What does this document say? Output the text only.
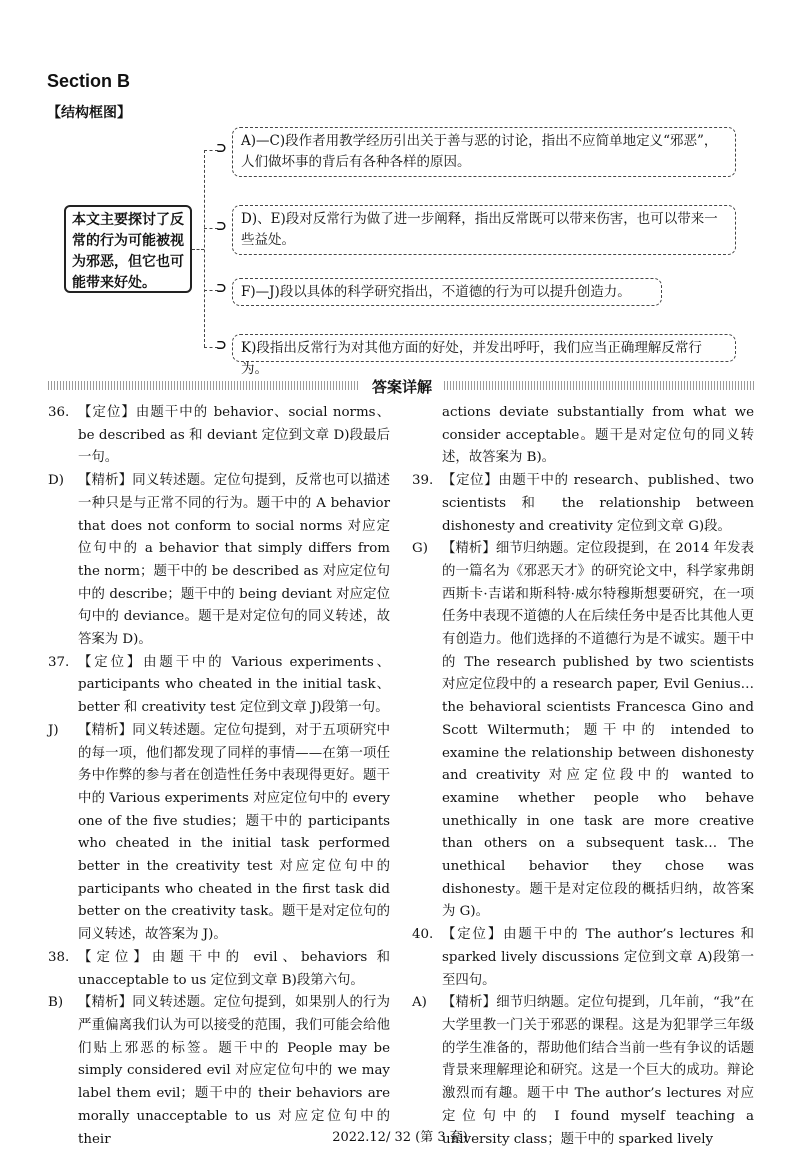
Section B
【结构框图】
⊃
⊃
⊃
⊃
本文主要探讨了反常的行为可能被视为邪恶，但它也可能带来好处。
A)—C)段作者用教学经历引出关于善与恶的讨论，指出不应简单地定义“邪恶”，人们做坏事的背后有各种各样的原因。
D)、E)段对反常行为做了进一步阐释，指出反常既可以带来伤害，也可以带来一些益处。
F)—J)段以具体的科学研究指出，不道德的行为可以提升创造力。
K)段指出反常行为对其他方面的好处，并发出呼吁，我们应当正确理解反常行为。
答案详解

36. 【定位】由题干中的 behavior、social norms、be described as 和 deviant 定位到文章 D)段最后一句。

D) 【精析】同义转述题。定位句提到，反常也可以描述一种只是与正常不同的行为。题干中的 A behavior that does not conform to social norms 对应定位句中的 a behavior that simply differs from the norm；题干中的 be described as 对应定位句中的 describe；题干中的 being deviant 对应定位句中的 deviance。题干是对定位句的同义转述，故答案为 D)。

37. 【定位】由题干中的 Various experiments、participants who cheated in the initial task、better 和 creativity test 定位到文章 J)段第一句。

J) 【精析】同义转述题。定位句提到，对于五项研究中的每一项，他们都发现了同样的事情——在第一项任务中作弊的参与者在创造性任务中表现得更好。题干中的 Various experiments 对应定位句中的 every one of the five studies；题干中的 participants who cheated in the initial task performed better in the creativity test 对应定位句中的 participants who cheated in the first task did better on the creativity task。题干是对定位句的同义转述，故答案为 J)。

38. 【定位】由题干中的 evil、behaviors 和 unacceptable to us 定位到文章 B)段第六句。

B) 【精析】同义转述题。定位句提到，如果别人的行为严重偏离我们认为可以接受的范围，我们可能会给他们贴上邪恶的标签。题干中的 People may be simply considered evil 对应定位句中的 we may label them evil；题干中的 their behaviors are morally unacceptable to us 对应定位句中的 their

actions deviate substantially from what we consider acceptable。题干是对定位句的同义转述，故答案为 B)。

39. 【定位】由题干中的 research、published、two scientists 和 the relationship between dishonesty and creativity 定位到文章 G)段。

G) 【精析】细节归纳题。定位段提到，在 2014 年发表的一篇名为《邪恶天才》的研究论文中，科学家弗朗西斯卡·吉诺和斯科特·威尔特穆斯想要研究，在一项任务中表现不道德的人在后续任务中是否比其他人更有创造力。他们选择的不道德行为是不诚实。题干中的 The research published by two scientists 对应定位段中的 a research paper, Evil Genius… the behavioral scientists Francesca Gino and Scott Wiltermuth；题干中的 intended to examine the relationship between dishonesty and creativity 对应定位段中的 wanted to examine whether people who behave unethically in one task are more creative than others on a subsequent task… The unethical behavior they chose was dishonesty。题干是对定位段的概括归纳，故答案为 G)。

40. 【定位】由题干中的 The author’s lectures 和 sparked lively discussions 定位到文章 A)段第一至四句。

A) 【精析】细节归纳题。定位句提到，几年前，“我”在大学里教一门关于邪恶的课程。这是为犯罪学三年级的学生准备的，帮助他们结合当前一些有争议的话题背景来理解理论和研究。这是一个巨大的成功。辩论激烈而有趣。题干中 The author’s lectures 对应定位句中的 I found myself teaching a university class；题干中的 sparked lively

2022.12/ 32 (第 3 套)
